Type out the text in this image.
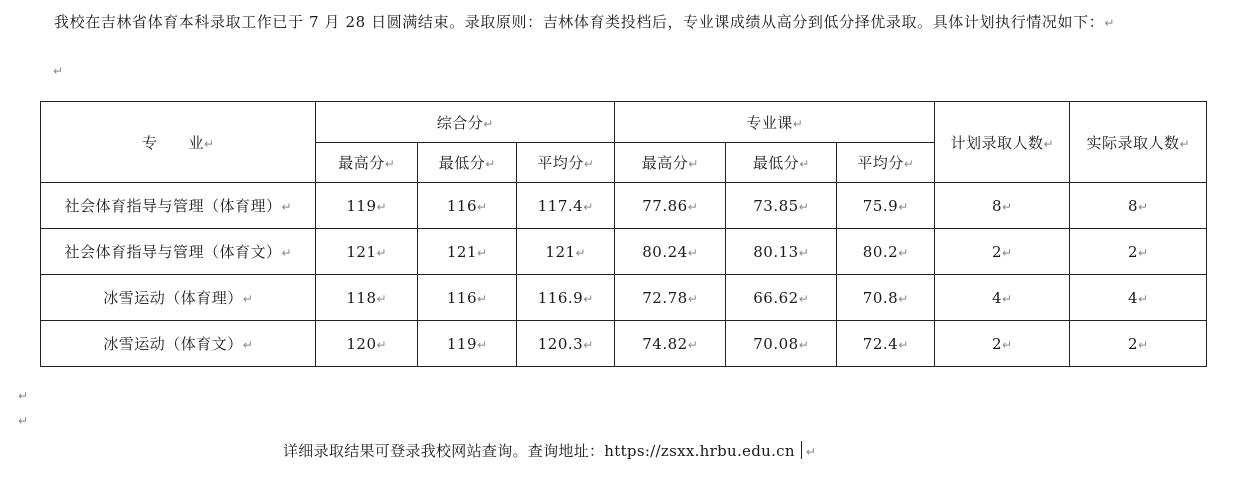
我校在吉林省体育本科录取工作已于 7 月 28 日圆满结束。录取原则：吉林体育类投档后，专业课成绩从高分到低分择优录取。具体计划执行情况如下：↵
↵
专　　业↵	综合分↵			专业课↵			计划录取人数↵	实际录取人数↵
	最高分↵	最低分↵	平均分↵	最高分↵	最低分↵	平均分↵		
社会体育指导与管理（体育理）↵	119↵	116↵	117.4↵	77.86↵	73.85↵	75.9↵	8↵	8↵
社会体育指导与管理（体育文）↵	121↵	121↵	121↵	80.24↵	80.13↵	80.2↵	2↵	2↵
冰雪运动（体育理）↵	118↵	116↵	116.9↵	72.78↵	66.62↵	70.8↵	4↵	4↵
冰雪运动（体育文）↵	120↵	119↵	120.3↵	74.82↵	70.08↵	72.4↵	2↵	2↵
↵
↵
详细录取结果可登录我校网站查询。查询地址：https://zsxx.hrbu.edu.cn ↵
